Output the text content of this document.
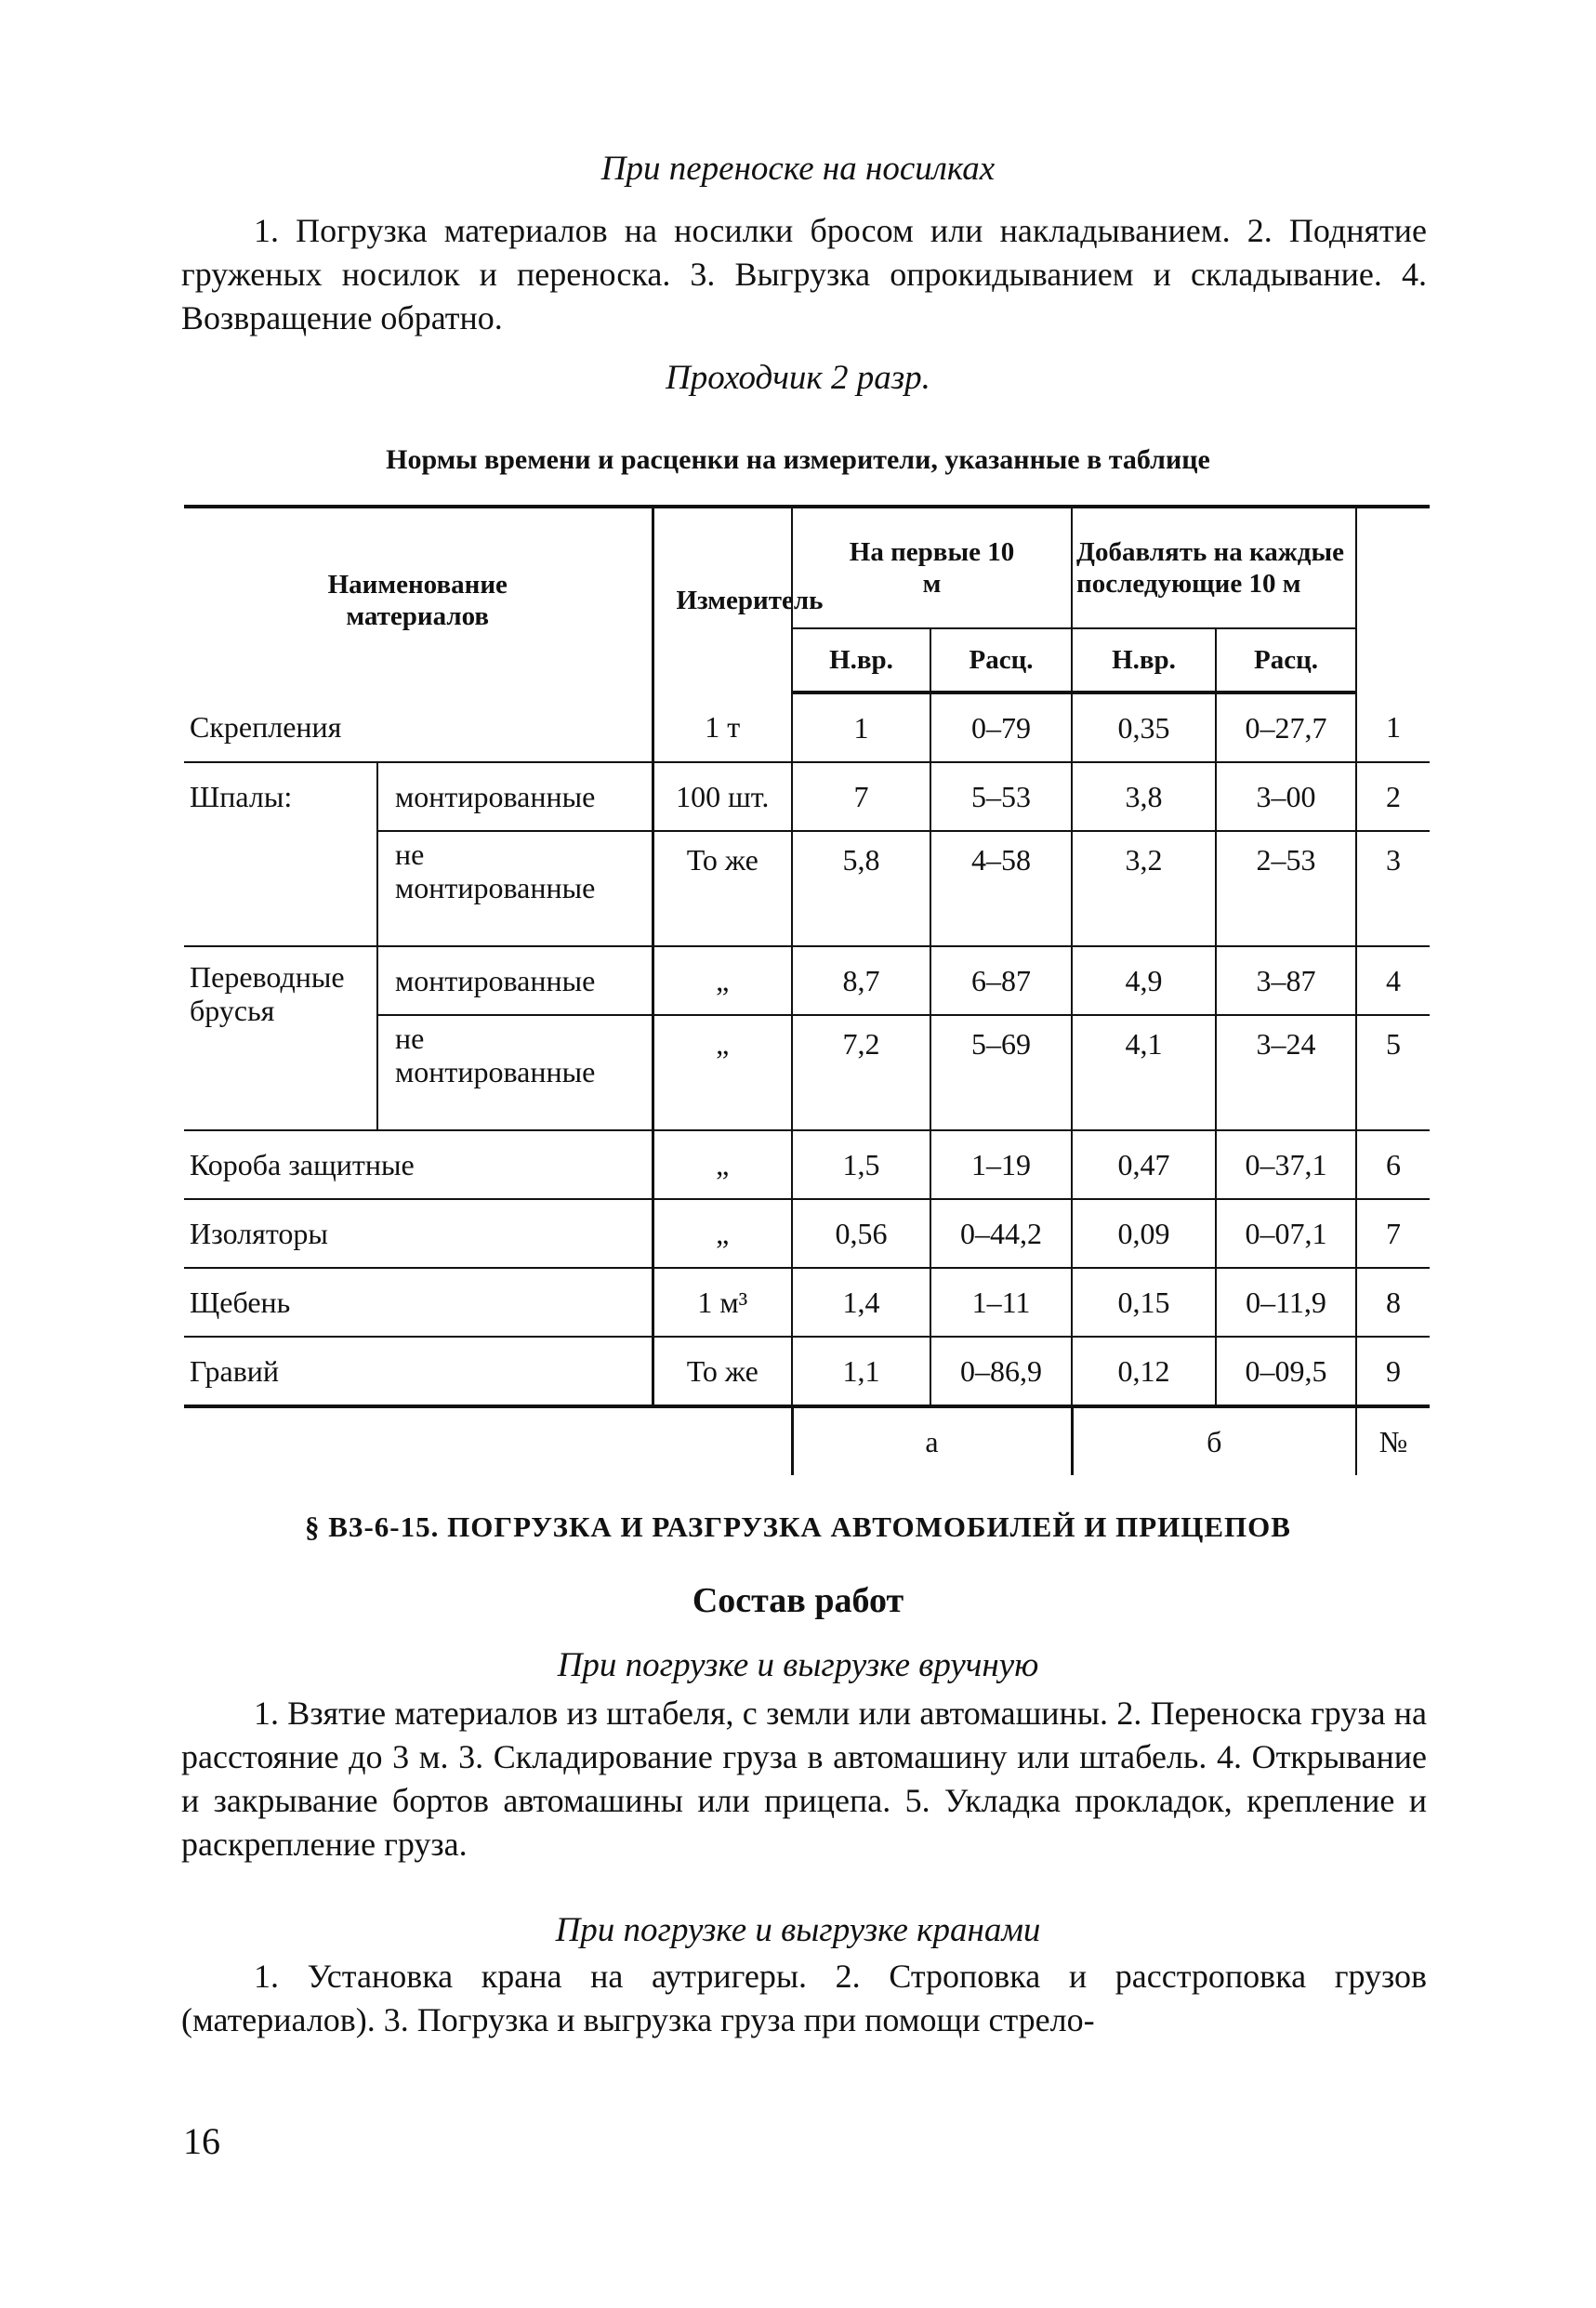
При переноске на носилках

1. Погрузка материалов на носилки бросом или накладыванием. 2. Поднятие груженых носилок и переноска. 3. Выгрузка опрокидыванием и складывание. 4. Возвращение обратно.

Проходчик 2 разр.
Нормы времени и расценки на измерители, указанные в таблице
Наименование материалов		Измеритель	На первые 10 м		Добавлять на каждые последующие 10 м		
			Н.вр.	Расц.	Н.вр.	Расц.	
Скрепления		1 т	1	0–79	0,35	0–27,7	1
Шпалы:	монтированные	100 шт.	7	5–53	3,8	3–00	2
	не монтированные	То же	5,8	4–58	3,2	2–53	3
Переводные брусья	монтированные	„	8,7	6–87	4,9	3–87	4
	не монтированные	„	7,2	5–69	4,1	3–24	5
Короба защитные		„	1,5	1–19	0,47	0–37,1	6
Изоляторы		„	0,56	0–44,2	0,09	0–07,1	7
Щебень		1 м³	1,4	1–11	0,15	0–11,9	8
Гравий		То же	1,1	0–86,9	0,12	0–09,5	9
			а		б		№
§ В3-6-15. ПОГРУЗКА И РАЗГРУЗКА АВТОМОБИЛЕЙ И ПРИЦЕПОВ
Состав работ
При погрузке и выгрузке вручную

1. Взятие материалов из штабеля, с земли или автомашины. 2. Переноска груза на расстояние до 3 м. 3. Складирование груза в автомашину или штабель. 4. Открывание и закрывание бортов автомашины или прицепа. 5. Укладка прокладок, крепление и раскрепление груза.

При погрузке и выгрузке кранами

1. Установка крана на аутригеры. 2. Строповка и расстроповка грузов (материалов). 3. Погрузка и выгрузка груза при помощи стрело-

16
